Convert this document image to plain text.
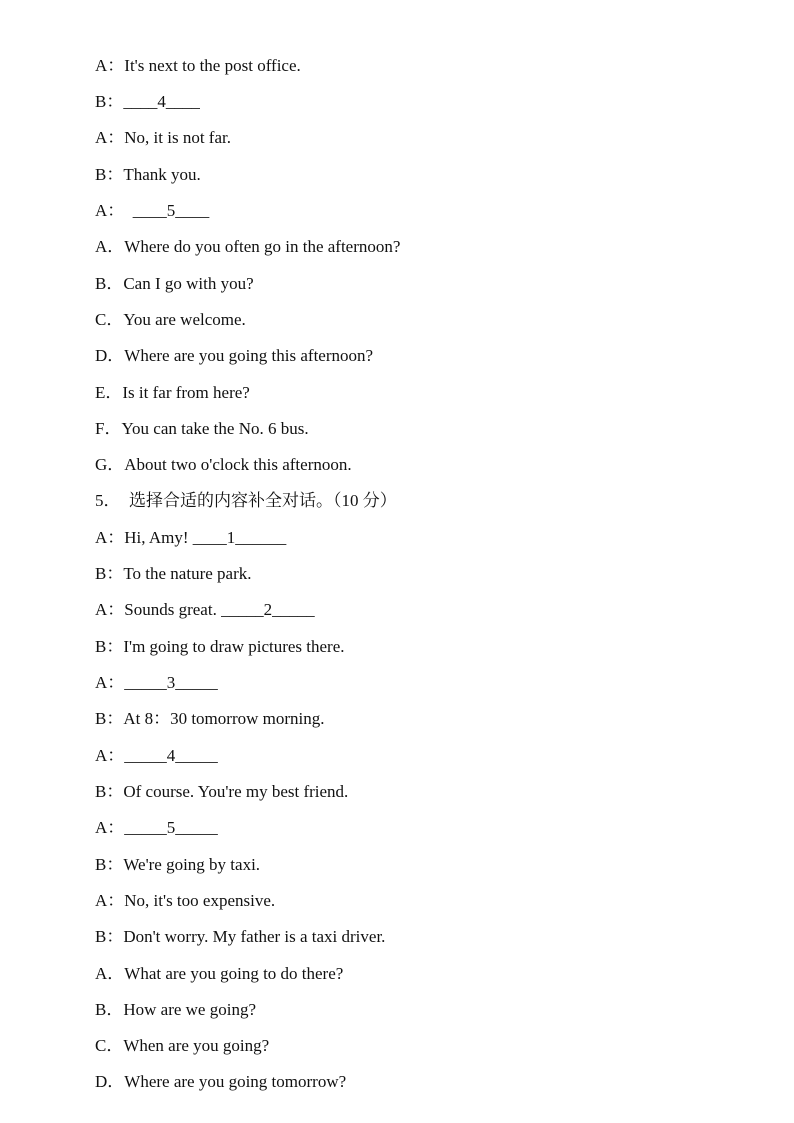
A：It's next to the post office.
B：____4____
A：No, it is not far.
B：Thank you.
A：  ____5____
A．Where do you often go in the afternoon?
B．Can I go with you?
C．You are welcome.
D．Where are you going this afternoon?
E．Is it far from here?
F．You can take the No. 6 bus.
G．About two o'clock this afternoon.
5．  选择合适的内容补全对话。（10 分）
A：Hi, Amy! ____1______
B：To the nature park.
A：Sounds great. _____2_____
B：I'm going to draw pictures there.
A：_____3_____
B：At 8：30 tomorrow morning.
A：_____4_____
B：Of course. You're my best friend.
A：_____5_____
B：We're going by taxi.
A：No, it's too expensive.
B：Don't worry. My father is a taxi driver.
A．What are you going to do there?
B．How are we going?
C．When are you going?
D．Where are you going tomorrow?
